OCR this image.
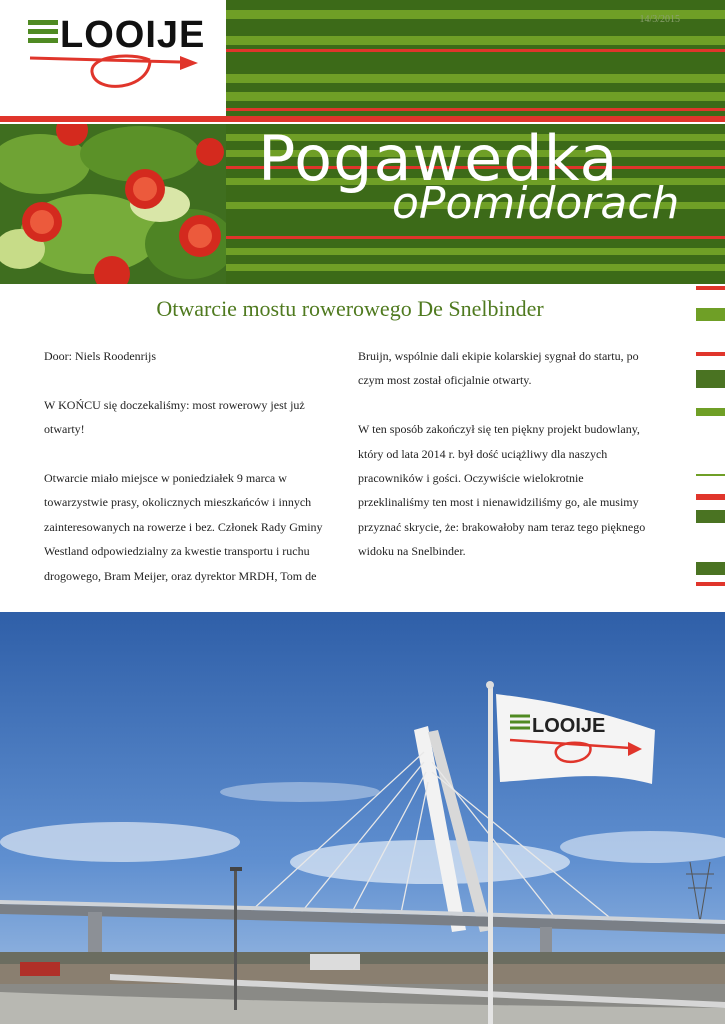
LOOIJE	14/3/2015
Pogawedka
oPomidorach
Otwarcie mostu rowerowego De Snelbinder

Door: Niels Roodenrijs

W KOŃCU się doczekaliśmy: most rowerowy jest już otwarty!

Otwarcie miało miejsce w poniedziałek 9 marca w towarzystwie prasy, okolicznych mieszkańców i innych zainteresowanych na rowerze i bez. Członek Rady Gminy Westland odpowiedzialny za kwestie transportu i ruchu drogowego, Bram Meijer, oraz dyrektor MRDH, Tom de

Bruijn, wspólnie dali ekipie kolarskiej sygnał do startu, po czym most został oficjalnie otwarty.

W ten sposób zakończył się ten piękny projekt budowlany, który od lata 2014 r. był dość uciążliwy dla naszych pracowników i gości. Oczywiście wielokrotnie przeklinaliśmy ten most i nienawidziliśmy go, ale musimy przyznać skrycie, że: brakowałoby nam teraz tego pięknego widoku na Snelbinder.

LOOIJE
